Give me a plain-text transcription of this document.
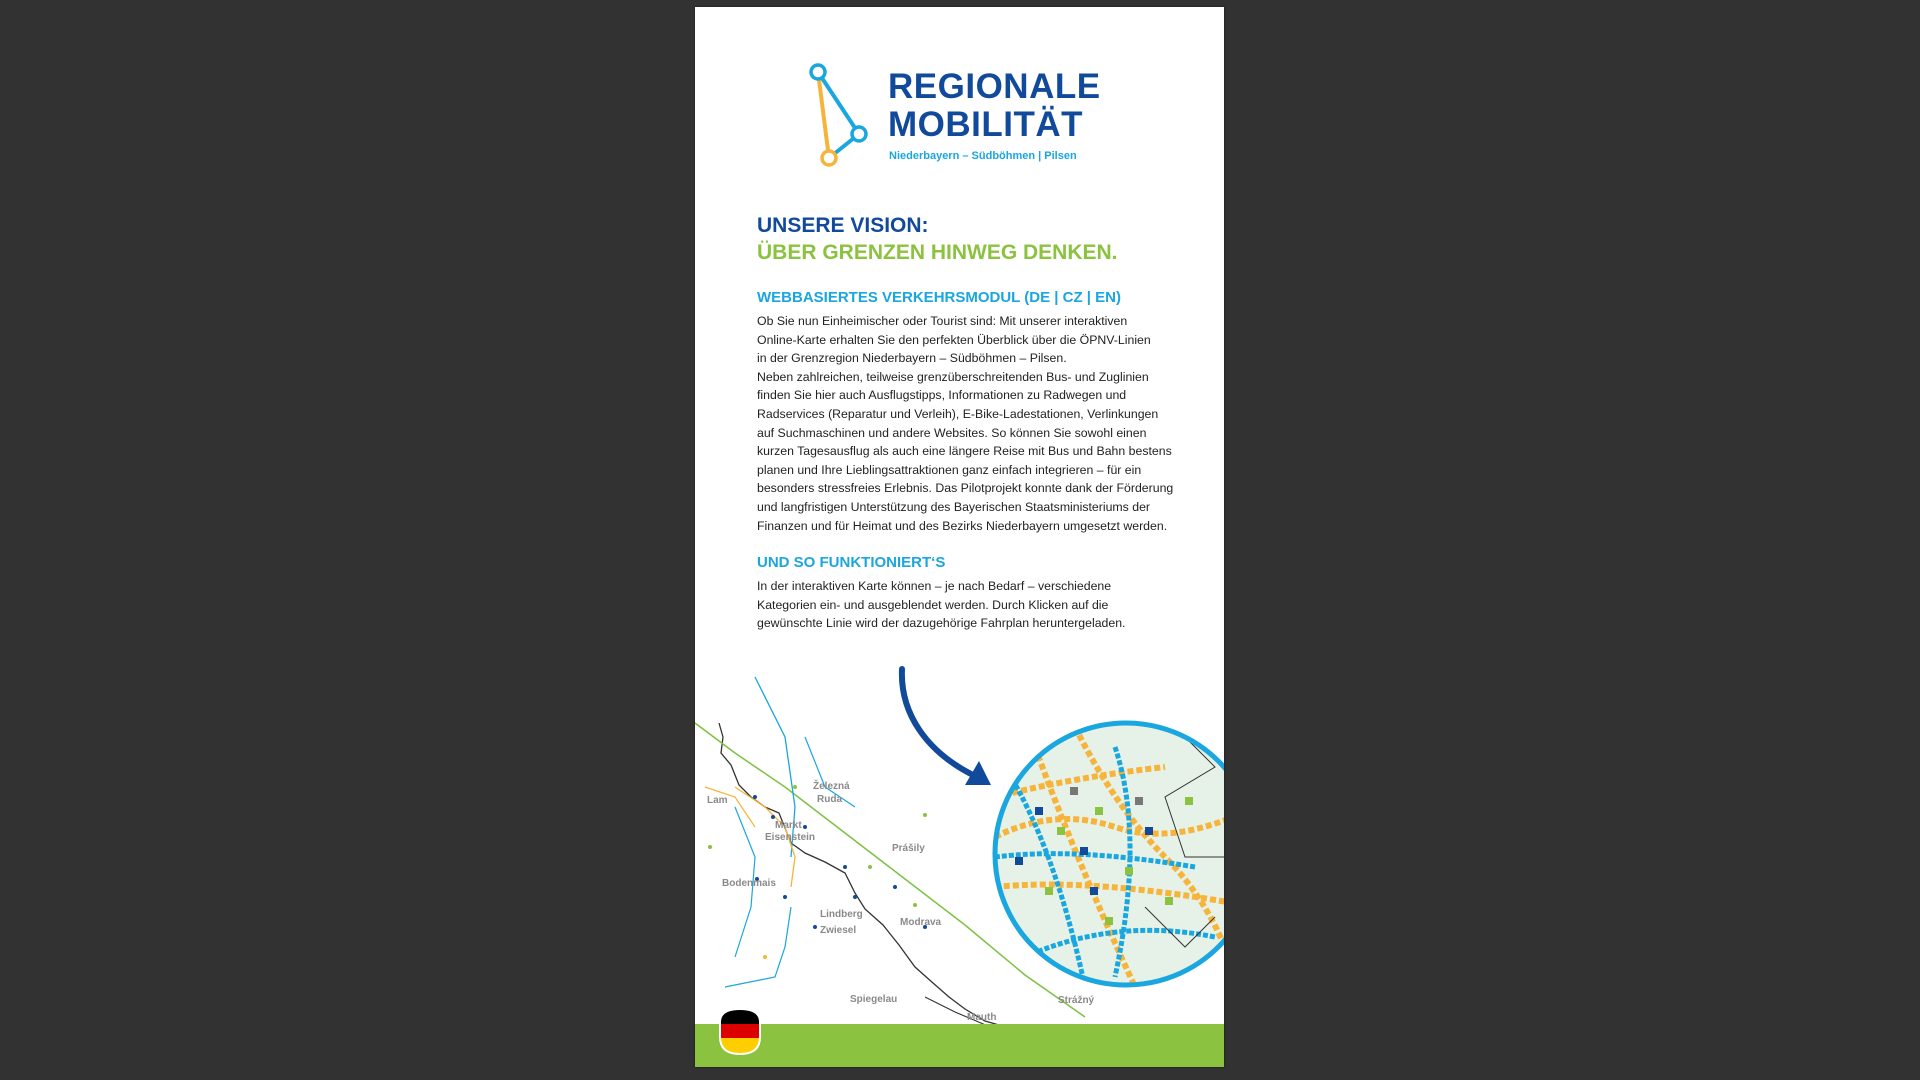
REGIONALE
MOBILITÄT
Niederbayern – Südböhmen | Pilsen

UNSERE VISION:

ÜBER GRENZEN HINWEG DENKEN.

WEBBASIERTES VERKEHRSMODUL (DE | CZ | EN)

Ob Sie nun Einheimischer oder Tourist sind: Mit unserer interaktiven
Online-Karte erhalten Sie den perfekten Überblick über die ÖPNV-Linien
in der Grenzregion Niederbayern – Südböhmen – Pilsen.
Neben zahlreichen, teilweise grenzüberschreitenden Bus- und Zuglinien
finden Sie hier auch Ausflugstipps, Informationen zu Radwegen und
Radservices (Reparatur und Verleih), E-Bike-Ladestationen, Verlinkungen
auf Suchmaschinen und andere Websites. So können Sie sowohl einen
kurzen Tagesausflug als auch eine längere Reise mit Bus und Bahn bestens
planen und Ihre Lieblingsattraktionen ganz einfach integrieren – für ein
besonders stressfreies Erlebnis. Das Pilotprojekt konnte dank der Förderung
und langfristigen Unterstützung des Bayerischen Staatsministeriums der
Finanzen und für Heimat und des Bezirks Niederbayern umgesetzt werden.

UND SO FUNKTIONIERT‘S

In der interaktiven Karte können – je nach Bedarf – verschiedene
Kategorien ein- und ausgeblendet werden. Durch Klicken auf die
gewünschte Linie wird der dazugehörige Fahrplan heruntergeladen.

Lam
Železná
Ruda
Markt
Eisenstein
Prášily
Bodenmais
Lindberg
Zwiesel
Modrava
Spiegelau
Mauth
Strážný
